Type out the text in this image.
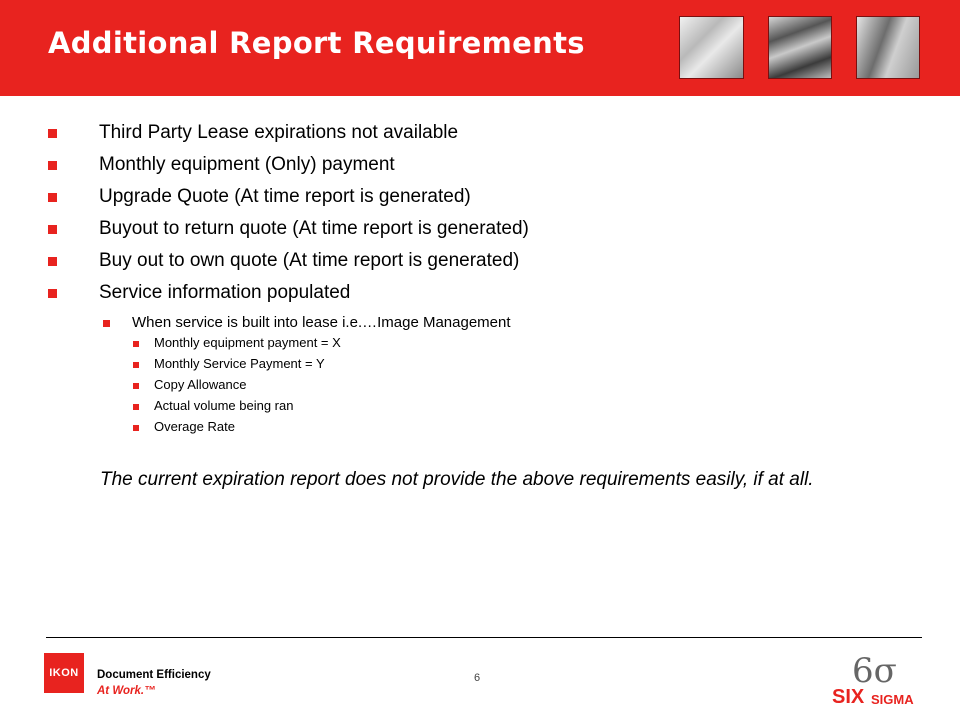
Additional Report Requirements
Third Party Lease expirations not available
Monthly equipment (Only) payment
Upgrade Quote (At time report is generated)
Buyout to return quote (At time report is generated)
Buy out to own quote (At time report is generated)
Service information populated
When service is built into lease i.e.…Image Management
Monthly equipment payment = X
Monthly Service Payment = Y
Copy Allowance
Actual volume being ran
Overage Rate

The current expiration report does not provide the above requirements easily, if at all.

6
IKON	Document Efficiency
At Work.™	6σ
SIX SIGMA
